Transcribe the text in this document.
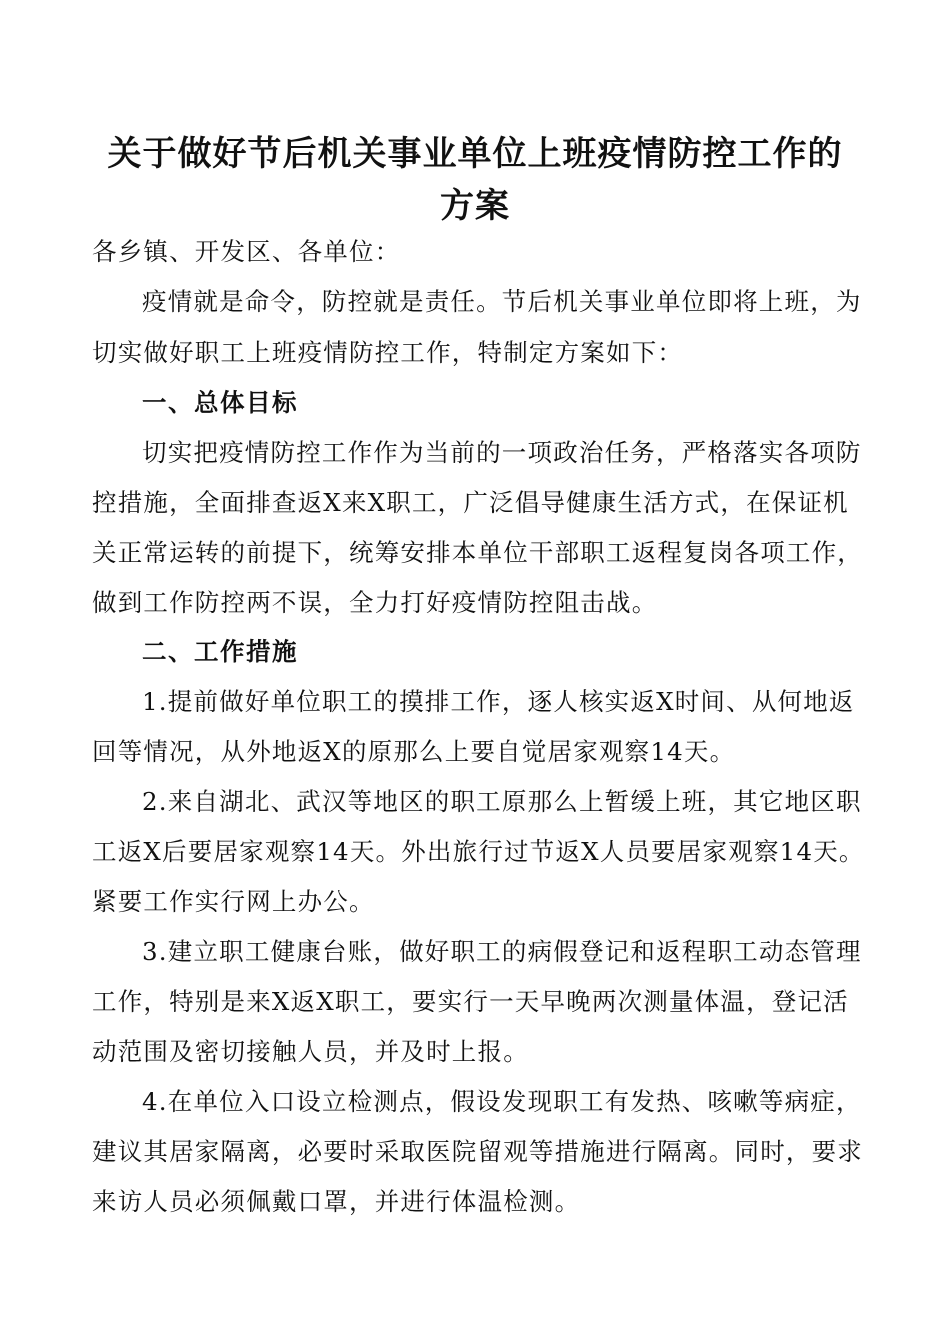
关于做好节后机关事业单位上班疫情防控工作的
方案
各乡镇、开发区、各单位：
疫情就是命令，防控就是责任。节后机关事业单位即将上班，为
切实做好职工上班疫情防控工作，特制定方案如下：
一、总体目标
切实把疫情防控工作作为当前的一项政治任务，严格落实各项防
控措施，全面排查返X来X职工，广泛倡导健康生活方式，在保证机
关正常运转的前提下，统筹安排本单位干部职工返程复岗各项工作，
做到工作防控两不误，全力打好疫情防控阻击战。
二、工作措施
1.提前做好单位职工的摸排工作，逐人核实返X时间、从何地返
回等情况，从外地返X的原那么上要自觉居家观察14天。
2.来自湖北、武汉等地区的职工原那么上暂缓上班，其它地区职
工返X后要居家观察14天。外出旅行过节返X人员要居家观察14天。
紧要工作实行网上办公。
3.建立职工健康台账，做好职工的病假登记和返程职工动态管理
工作，特别是来X返X职工，要实行一天早晚两次测量体温，登记活
动范围及密切接触人员，并及时上报。
4.在单位入口设立检测点，假设发现职工有发热、咳嗽等病症，
建议其居家隔离，必要时采取医院留观等措施进行隔离。同时，要求
来访人员必须佩戴口罩，并进行体温检测。
